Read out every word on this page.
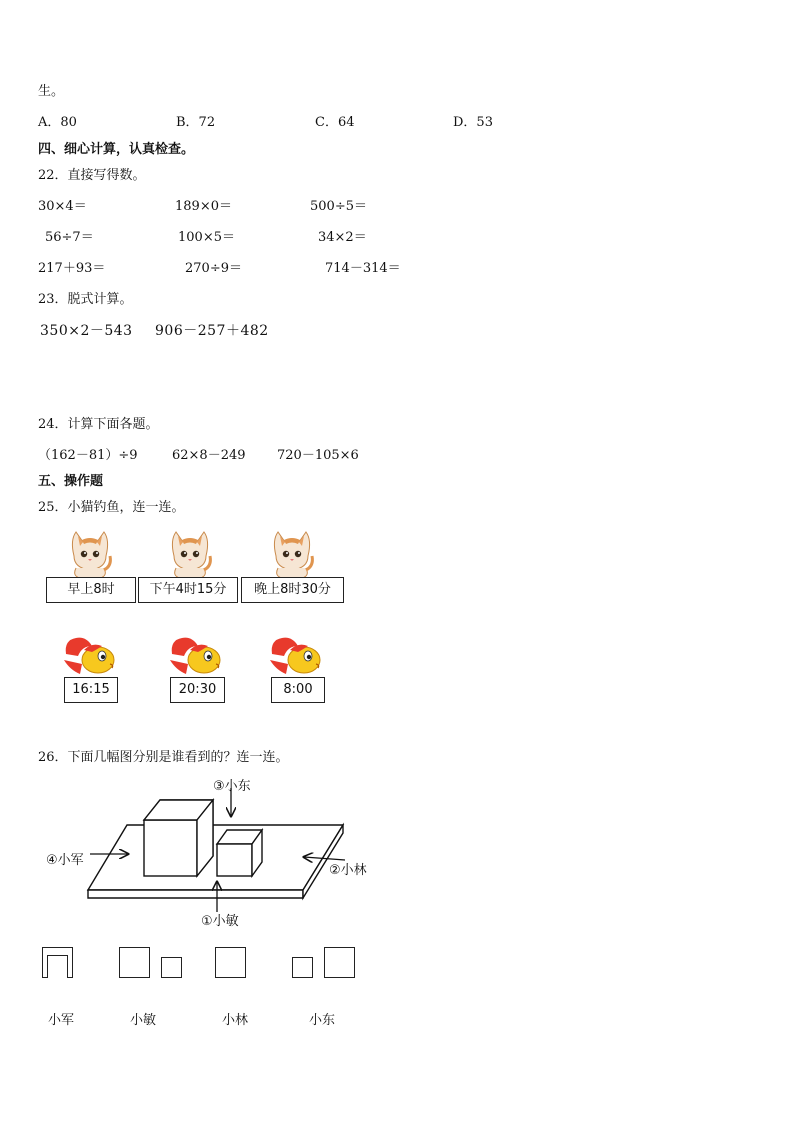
生。
A．80	B．72	C．64	D．53
四、细心计算，认真检查。
22．直接写得数。
30×4＝	189×0＝	500÷5＝
56÷7＝	100×5＝	34×2＝
217＋93＝	270÷9＝	714－314＝
23．脱式计算。
350×2－543 906－257＋482
24．计算下面各题。
（162－81）÷9	62×8－249 720－105×6
五、操作题
25．小猫钓鱼，连一连。
早上8时	下午4时15分	晚上8时30分
16:15	20:30	8:00
26．下面几幅图分别是谁看到的？连一连。
③小东
④小军
②小林
①小敏
小军	小敏	小林	小东
